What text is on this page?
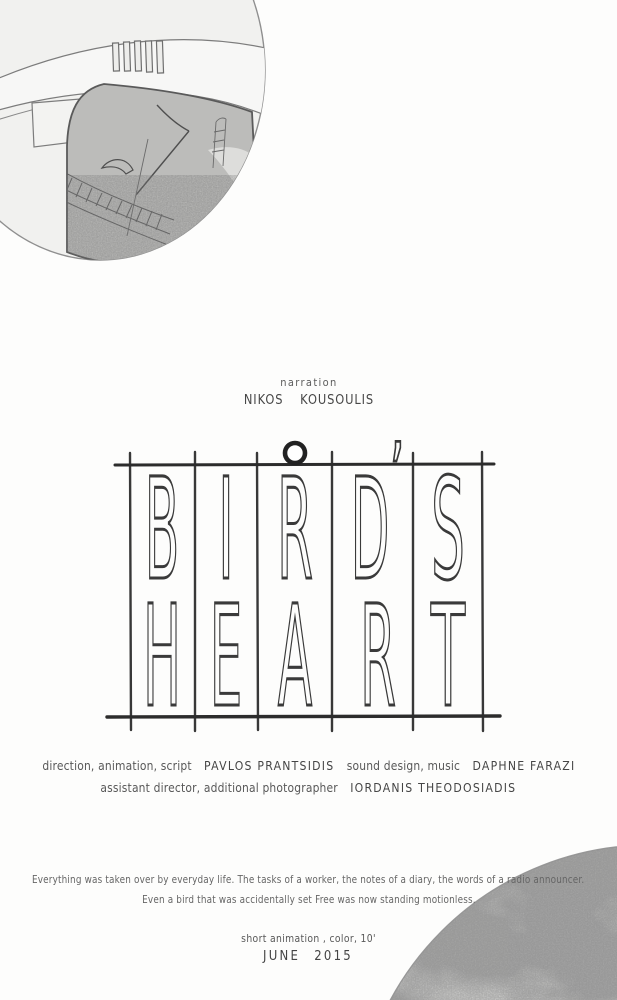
narration
NIKOS KOUSOULIS
B I R D ’ S
H E A R T
direction, animation, script PAVLOS PRANTSIDIS sound design, music DAPHNE FARAZI
assistant director, additional photographer IORDANIS THEODOSIADIS
Everything was taken over by everyday life. The tasks of a worker, the notes of a diary, the words of a radio announcer.
Even a bird that was accidentally set Free was now standing motionless.
short animation , color, 10'
JUNE 2015
